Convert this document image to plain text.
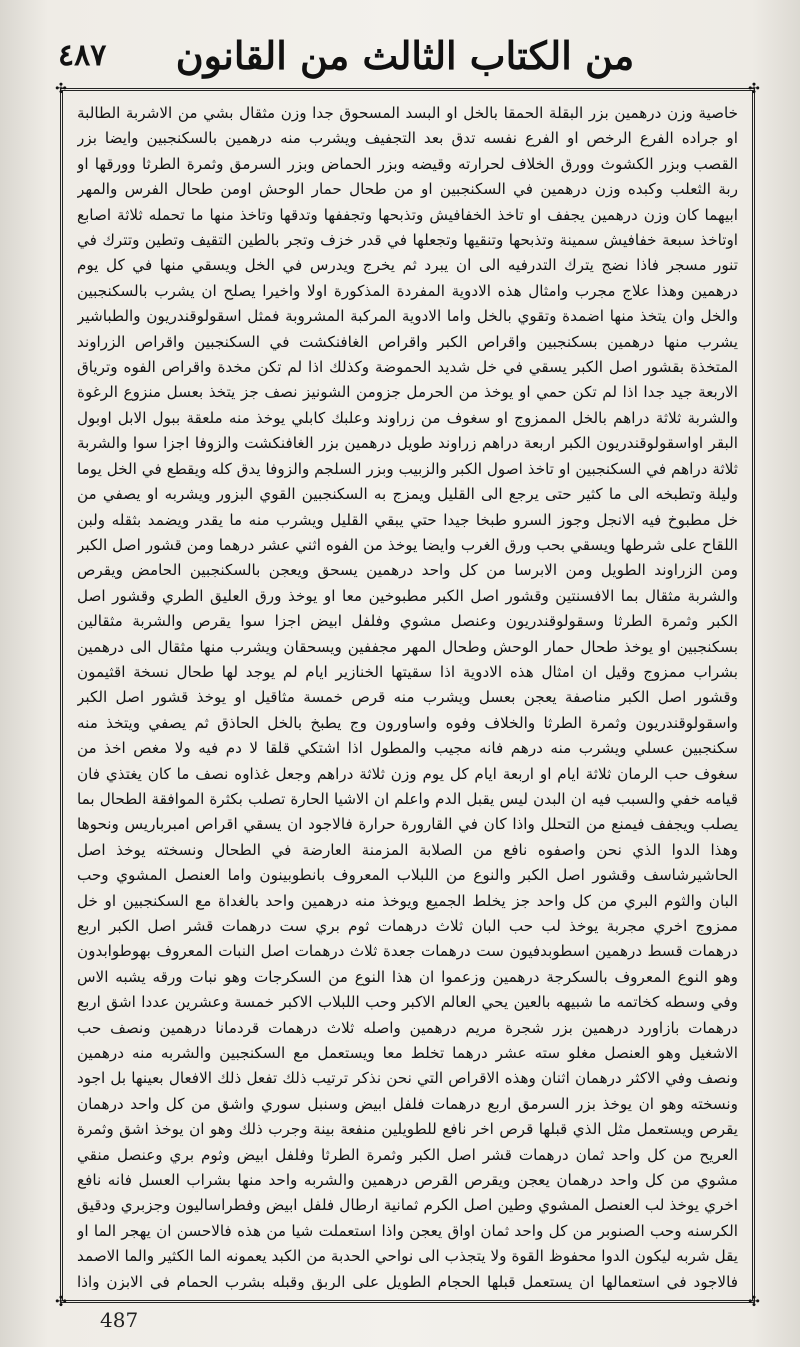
من الكتاب الثالث من القانون
٤٨٧
✣	✣
✣	✣

خاصية وزن درهمين بزر البقلة الحمقا بالخل او البسد المسحوق جدا وزن مثقال بشي من الاشربة الطالبة او جراده الفرع الرخص او الفرع نفسه تدق بعد التجفيف ويشرب منه درهمين بالسكنجبين وايضا بزر القصب وبزر الكشوث وورق الخلاف لحرارته وقيضه وبزر الحماض وبزر السرمق وثمرة الطرثا وورقها او ربة الثعلب وكبده وزن درهمين في السكنجبين او من طحال حمار الوحش اومن طحال الفرس والمهر ابيهما كان وزن درهمين يجفف او تاخذ الخفافيش وتذبحها وتجففها وتدقها وتاخذ منها ما تحمله ثلاثة اصابع اوتاخذ سبعة خفافيش سمينة وتذبحها وتنقيها وتجعلها في قدر خزف وتجر بالطين التقيف وتطين وتترك في تنور مسجر فاذا نضج يترك التدرفيه الى ان يبرد ثم يخرج ويدرس في الخل ويسقي منها في كل يوم درهمين وهذا علاج مجرب وامثال هذه الادوية المفردة المذكورة اولا واخيرا يصلح ان يشرب بالسكنجبين والخل وان يتخذ منها اضمدة وتقوي بالخل واما الادوية المركبة المشروبة فمثل اسقولوقندريون والطباشير يشرب منها درهمين بسكنجبين واقراص الكبر واقراص الغافنكشت في السكنجبين واقراص الزراوند المتخذة بقشور اصل الكبر يسقي في خل شديد الحموضة وكذلك اذا لم تكن مخدة واقراص الفوه وترياق الاربعة جيد جدا اذا لم تكن حمي او يوخذ من الحرمل جزومن الشونيز نصف جز يتخذ بعسل منزوع الرغوة والشربة ثلاثة دراهم بالخل الممزوج او سغوف من زراوند وعلبك كابلي يوخذ منه ملعقة ببول الابل اوبول البقر اواسقولوقندريون الكبر اربعة دراهم زراوند طويل درهمين بزر الغافنكشت والزوفا اجزا سوا والشربة ثلاثة دراهم في السكنجبين او تاخذ اصول الكبر والزبيب وبزر السلجم والزوفا يدق كله ويقطع في الخل يوما وليلة وتطبخه الى ما كثير حتى يرجع الى القليل ويمزج به السكنجبين القوي البزور ويشربه او يصفي من خل مطبوخ فيه الانجل وجوز السرو طبخا جيدا حتي يبقي القليل ويشرب منه ما يقدر ويضمد بثقله ولبن اللقاح على شرطها ويسقي بحب ورق الغرب وايضا يوخذ من الفوه اثني عشر درهما ومن قشور اصل الكبر ومن الزراوند الطويل ومن الابرسا من كل واحد درهمين يسحق ويعجن بالسكنجبين الحامض ويقرص والشربة مثقال بما الافسنتين وقشور اصل الكبر مطبوخين معا او يوخذ ورق العليق الطري وقشور اصل الكبر وثمرة الطرثا وسقولوقندريون وعنصل مشوي وفلفل ابيض اجزا سوا يقرص والشربة مثقالين بسكنجبين او يوخذ طحال حمار الوحش وطحال المهر مجففين ويسحقان ويشرب منها مثقال الى درهمين بشراب ممزوج وقيل ان امثال هذه الادوية اذا سقيتها الخنازير ايام لم يوجد لها طحال نسخة اقثيمون وقشور اصل الكبر مناصفة يعجن بعسل ويشرب منه قرص خمسة مثاقيل او يوخذ قشور اصل الكبر واسقولوقندريون وثمرة الطرثا والخلاف وفوه واساورون وج يطبخ بالخل الحاذق ثم يصفي ويتخذ منه سكنجبين عسلي ويشرب منه درهم فانه مجيب والمطول اذا اشتكي قلقا لا دم فيه ولا مغص اخذ من سغوف حب الرمان ثلاثة ايام او اربعة ايام كل يوم وزن ثلاثة دراهم وجعل غذاوه نصف ما كان يغتذي فان قيامه خفي والسبب فيه ان البدن ليس يقبل الدم واعلم ان الاشيا الحارة تصلب بكثرة الموافقة الطحال بما يصلب ويجفف فيمنع من التحلل واذا كان في القارورة حرارة فالاجود ان يسقي اقراص امبرباريس ونحوها وهذا الدوا الذي نحن واصفوه نافع من الصلابة المزمنة العارضة في الطحال ونسخته يوخذ اصل الحاشيرشاسف وقشور اصل الكبر والنوع من اللبلاب المعروف بانطوبينون واما العنصل المشوي وحب البان والثوم البري من كل واحد جز يخلط الجميع ويوخذ منه درهمين واحد بالغداة مع السكنجبين او خل ممزوج اخري مجربة يوخذ لب حب البان ثلاث درهمات ثوم بري ست درهمات قشر اصل الكبر اربع درهمات قسط درهمين اسطوبدفيون ست درهمات جعدة ثلاث درهمات اصل النبات المعروف بهوطوابدون وهو النوع المعروف بالسكرجة درهمين وزعموا ان هذا النوع من السكرجات وهو نبات ورقه يشبه الاس وفي وسطه كخاتمه ما شبيهه بالعين يحي العالم الاكبر وحب اللبلاب الاكبر خمسة وعشرين عددا اشق اربع درهمات بازاورد درهمين بزر شجرة مريم درهمين واصله ثلاث درهمات قردمانا درهمين ونصف حب الاشغيل وهو العنصل مغلو سته عشر درهما تخلط معا ويستعمل مع السكنجبين والشربه منه درهمين ونصف وفي الاكثر درهمان اثنان وهذه الاقراص التي نحن نذكر ترتيب ذلك تفعل ذلك الافعال بعينها بل اجود ونسخته وهو ان يوخذ بزر السرمق اربع درهمات فلفل ابيض وسنبل سوري واشق من كل واحد درهمان يقرص ويستعمل مثل الذي قبلها قرص اخر نافع للطويلين منفعة بينة وجرب ذلك وهو ان يوخذ اشق وثمرة العريح من كل واحد ثمان درهمات قشر اصل الكبر وثمرة الطرثا وفلفل ابيض وثوم بري وعنصل منقي مشوي من كل واحد درهمان يعجن ويقرص القرص درهمين والشربه واحد منها بشراب العسل فانه نافع اخري يوخذ لب العنصل المشوي وطين اصل الكرم ثمانية ارطال فلفل ابيض وفطراساليون وجزبري ودقيق الكرسنه وحب الصنوبر من كل واحد ثمان اواق يعجن واذا استعملت شيا من هذه فالاحسن ان يهجر الما او يقل شربه ليكون الدوا محفوظ القوة ولا يتجذب الى نواحي الحدبة من الكبد يعمونه الما الكثير والما الاصمد فالاجود في استعمالها ان يستعمل قبلها الحجام الطويل على الربق وقبله بشرب الحمام في الابزن واذا

487
